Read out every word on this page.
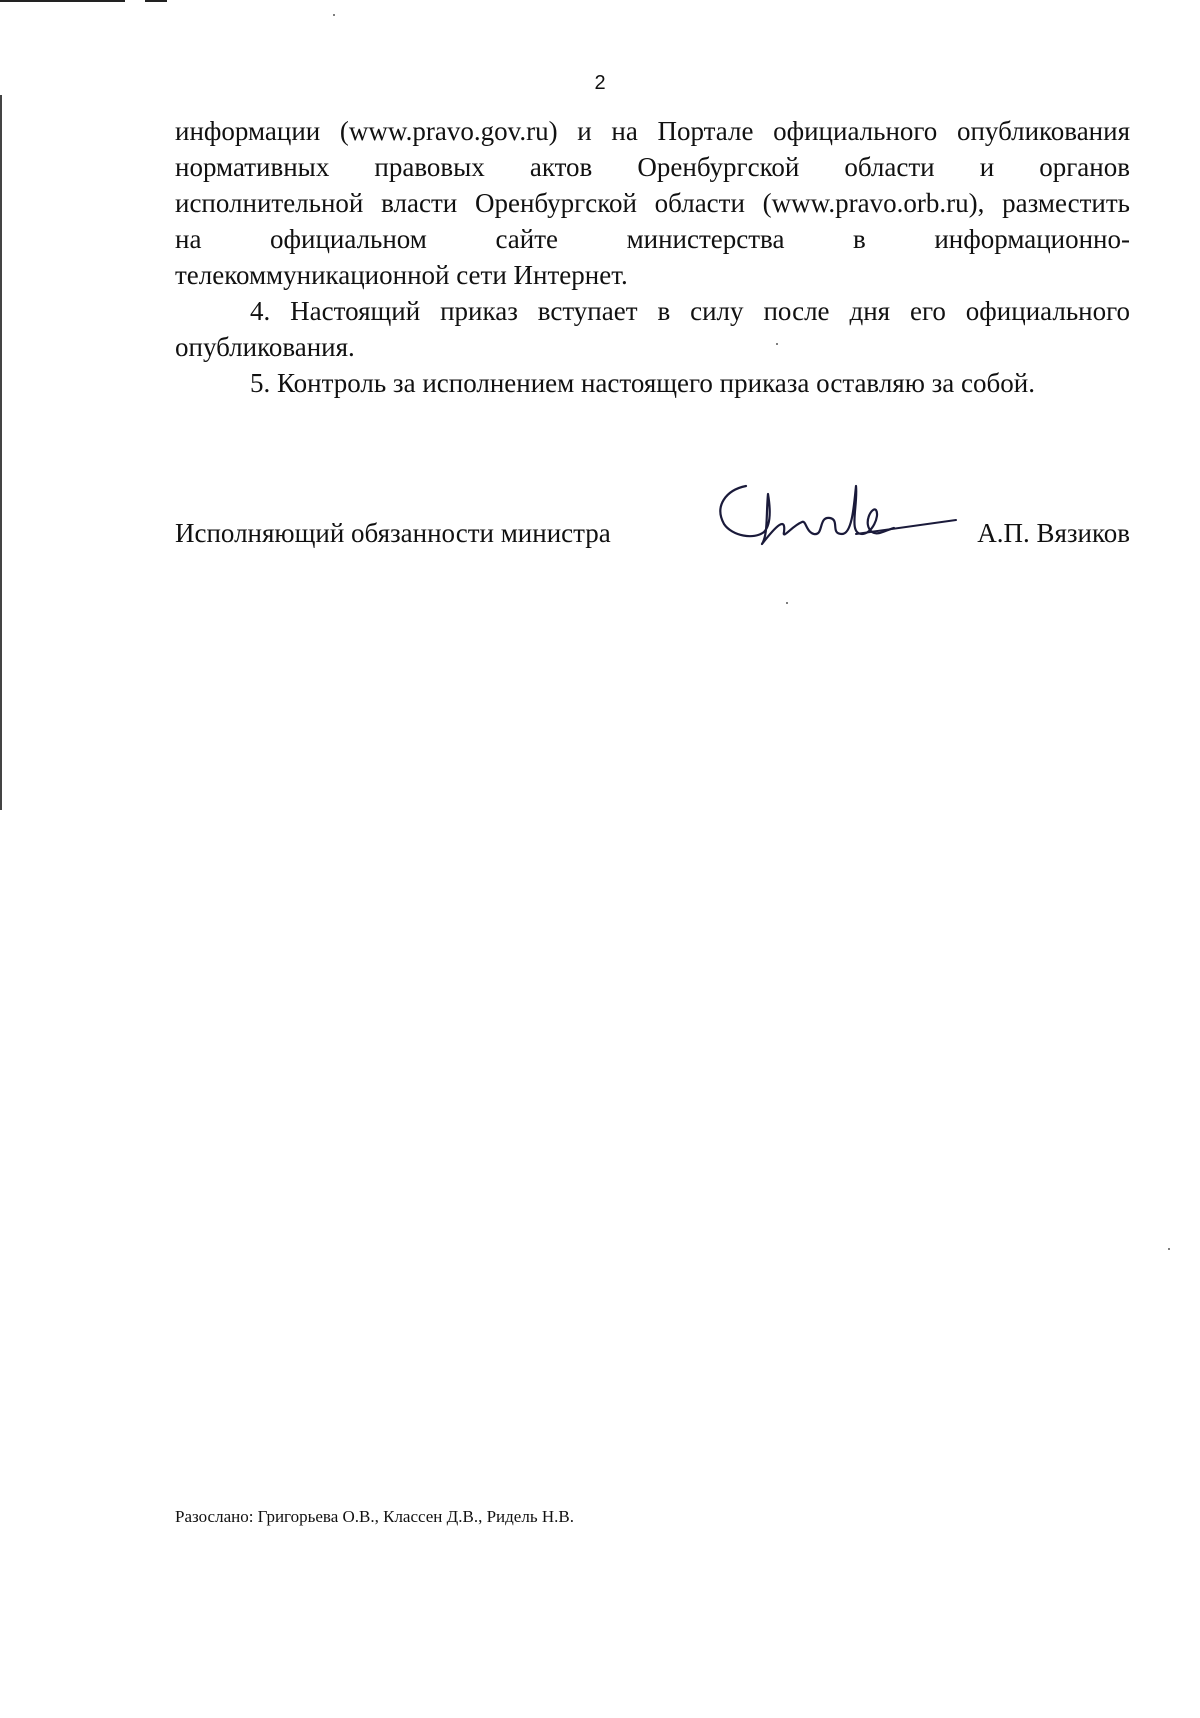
2
информации (www.pravo.gov.ru) и на Портале официального опубликования
нормативных правовых актов Оренбургской области и органов
исполнительной власти Оренбургской области (www.pravo.orb.ru), разместить
на официальном сайте министерства в информационно-
телекоммуникационной сети Интернет.
4. Настоящий приказ вступает в силу после дня его официального
опубликования.
5. Контроль за исполнением настоящего приказа оставляю за собой.
Исполняющий обязанности министра	А.П. Вязиков
Разослано: Григорьева О.В., Классен Д.В., Ридель Н.В.
